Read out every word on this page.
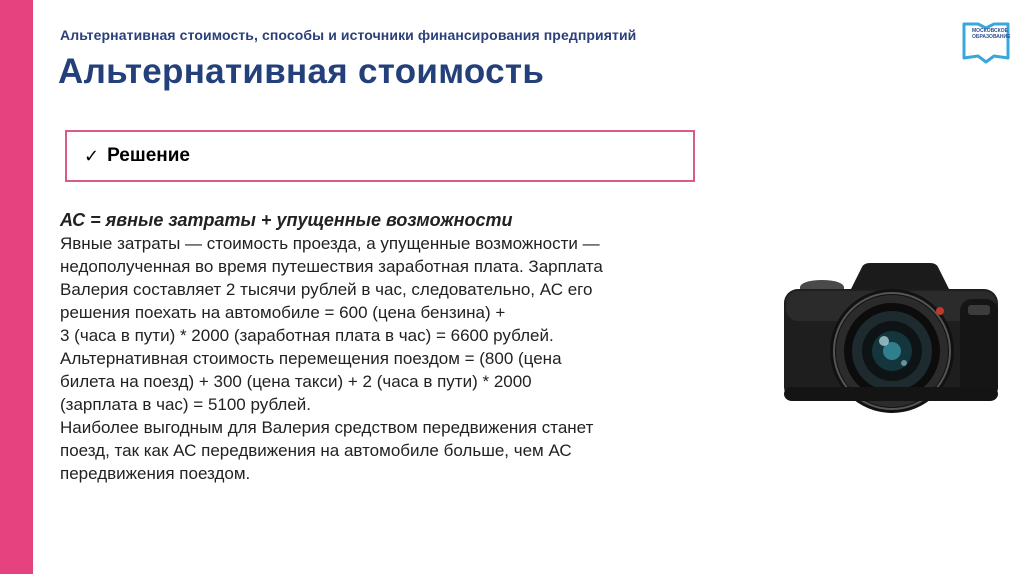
Альтернативная стоимость, способы и источники финансирования предприятий
Альтернативная стоимость
МОСКОВСКОЕ
ОБРАЗОВАНИЕ
✓ Решение

АС = явные затраты + упущенные возможности

Явные затраты — стоимость проезда, а упущенные возможности —

недополученная во время путешествия заработная плата. Зарплата

Валерия составляет 2 тысячи рублей в час, следовательно, АС его

решения поехать на автомобиле = 600 (цена бензина) +

3 (часа в пути) * 2000 (заработная плата в час) = 6600 рублей.

Альтернативная стоимость перемещения поездом = (800 (цена

билета на поезд) + 300 (цена такси) + 2 (часа в пути) * 2000

(зарплата в час) = 5100 рублей.

Наиболее выгодным для Валерия средством передвижения станет

поезд, так как АС передвижения на автомобиле больше, чем АС

передвижения поездом.
